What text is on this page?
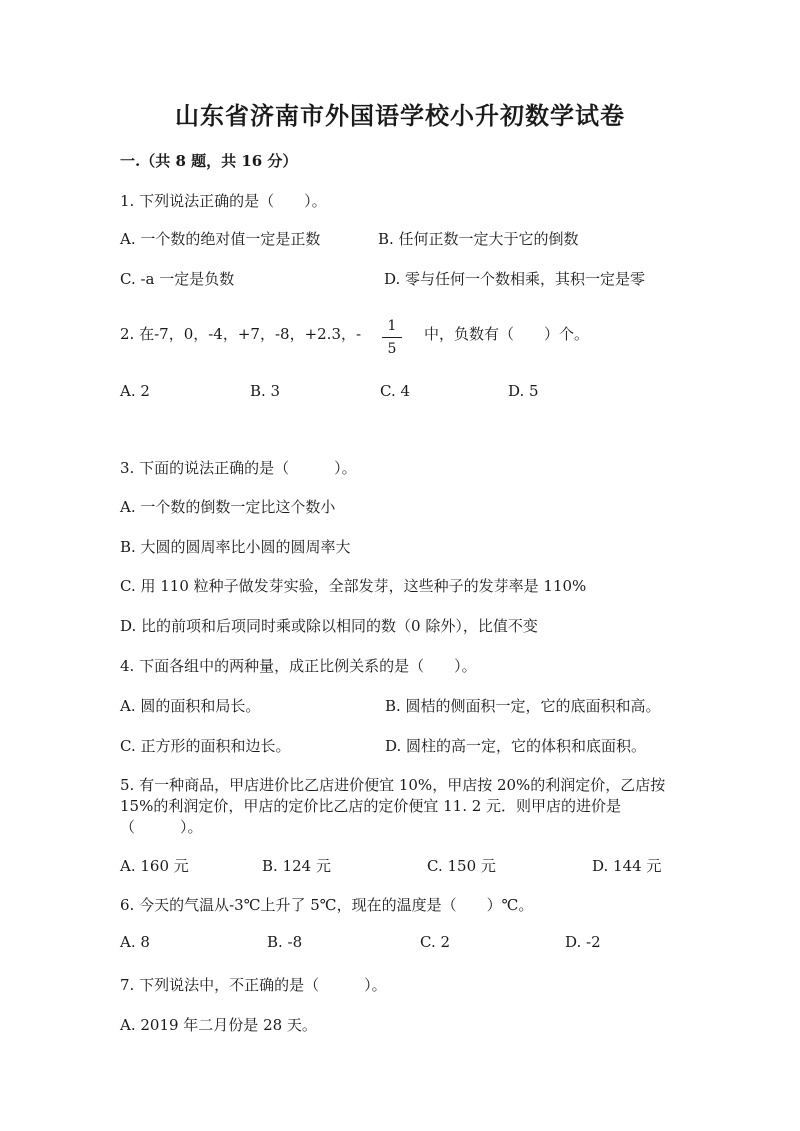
山东省济南市外国语学校小升初数学试卷
一.（共 8 题，共 16 分）
1. 下列说法正确的是（　　）。
A. 一个数的绝对值一定是正数	B. 任何正数一定大于它的倒数
C. -a 一定是负数	D. 零与任何一个数相乘，其积一定是零
2. 在-7，0，-4，+7，-8，+2.3，-	1
5
中，负数有（　　）个。
A. 2	B. 3	C. 4	D. 5
3. 下面的说法正确的是（　　　）。
A. 一个数的倒数一定比这个数小
B. 大圆的圆周率比小圆的圆周率大
C. 用 110 粒种子做发芽实验，全部发芽，这些种子的发芽率是 110%
D. 比的前项和后项同时乘或除以相同的数（0 除外），比值不变
4. 下面各组中的两种量，成正比例关系的是（　　）。
A. 圆的面积和局长。	B. 圆桔的侧面积一定，它的底面积和高。
C. 正方形的面积和边长。	D. 圆柱的高一定，它的体积和底面积。
5. 有一种商品，甲店进价比乙店进价便宜 10%，甲店按 20%的利润定价，乙店按
15%的利润定价，甲店的定价比乙店的定价便宜 11. 2 元．则甲店的进价是
（　　　）。
A. 160 元	B. 124 元	C. 150 元	D. 144 元
6. 今天的气温从-3℃上升了 5℃，现在的温度是（　　）℃。
A. 8	B. -8	C. 2	D. -2
7. 下列说法中，不正确的是（　　　）。
A. 2019 年二月份是 28 天。
